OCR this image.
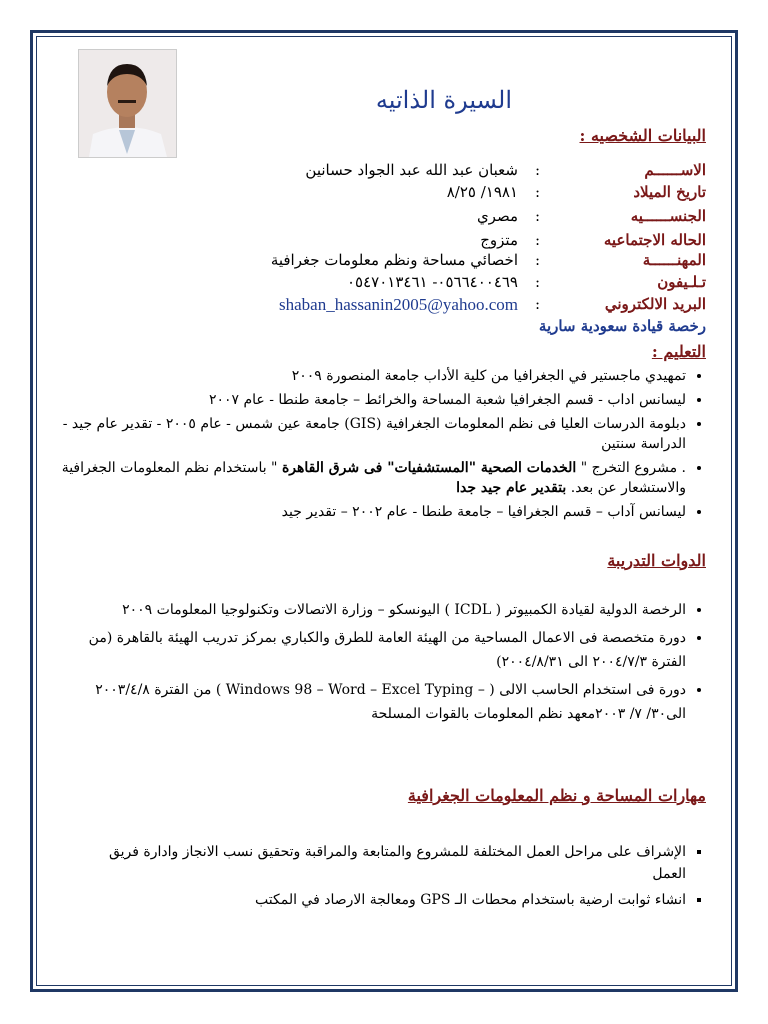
السيرة الذاتيه
البيانات الشخصيه :
الاســــــم
:
شعبان عبد الله عبد الجواد حسانين
تاريخ الميلاد
:
١٩٨١/ ٨/٢٥
الجنســــــيه
:
مصري
الحاله الاجتماعيه
:
متزوج
المهنــــــة
:
اخصائي مساحة ونظم معلومات جغرافية
تـلـيفون
:
٠٥٦٦٤٠٠٤٦٩- ٠٥٤٧٠١٣٤٦١
البريد الالكتروني
:
shaban_hassanin2005@yahoo.com
رخصة قيادة سعودية سارية
التعليم :
• تمهيدي ماجستير في الجغرافيا من كلية الأداب جامعة المنصورة ٢٠٠٩
• ليسانس اداب - قسم الجغرافيا شعبة المساحة والخرائط – جامعة طنطا - عام ٢٠٠٧
• دبلومة الدرسات العليا فى نظم المعلومات الجغرافية (GIS) جامعة عين شمس - عام ٢٠٠٥ - تقدير عام جيد - الدراسة سنتين
• . مشروع التخرج " الخدمات الصحية "المستشفيات" فى شرق القاهرة " باستخدام نظم المعلومات الجغرافية والاستشعار عن بعد. بتقدير عام جيد جدا
• ليسانس آداب – قسم الجغرافيا – جامعة طنطا - عام ٢٠٠٢ – تقدير جيد
الدوات التدريبة
• الرخصة الدولية لقيادة الكمبيوتر ( ICDL ) اليونسكو – وزارة الاتصالات وتكنولوجيا المعلومات ٢٠٠٩
• دورة متخصصة فى الاعمال المساحية من الهيئة العامة للطرق والكباري بمركز تدريب الهيئة بالقاهرة (من الفترة ٢٠٠٤/٧/٣ الى ٢٠٠٤/٨/٣١)
• دورة فى استخدام الحاسب الالى ( – Windows 98 – Word – Excel Typing ) من الفترة ٢٠٠٣/٤/٨ الى٣٠/ ٧/ ٢٠٠٣معهد نظم المعلومات بالقوات المسلحة
مهارات المساحة و نظم المعلومات الجغرافية
▪ الإشراف على مراحل العمل المختلفة للمشروع والمتابعة والمراقبة وتحقيق نسب الانجاز وادارة فريق العمل
▪ انشاء ثوابت ارضية باستخدام محطات الـ GPS ومعالجة الارصاد في المكتب
